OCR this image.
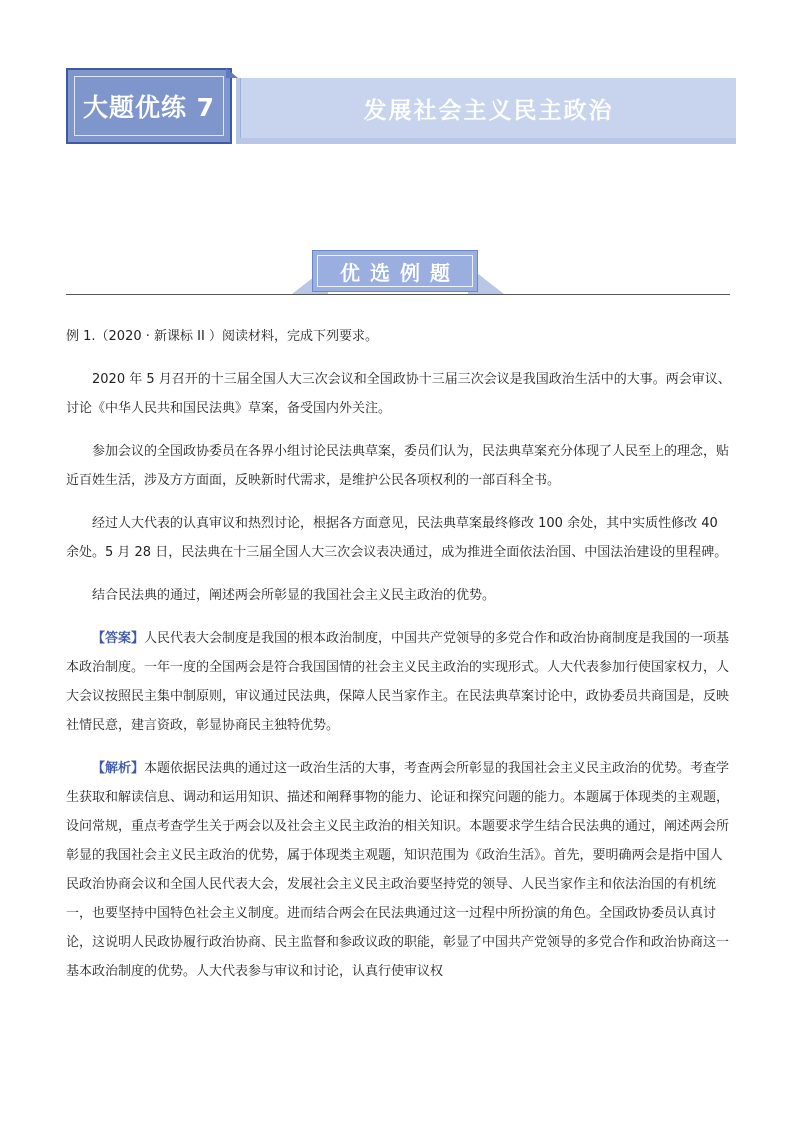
大题优练 7	发展社会主义民主政治
优选例题

例 1.（2020 · 新课标 II ）阅读材料，完成下列要求。

2020 年 5 月召开的十三届全国人大三次会议和全国政协十三届三次会议是我国政治生活中的大事。两会审议、讨论《中华人民共和国民法典》草案，备受国内外关注。

参加会议的全国政协委员在各界小组讨论民法典草案，委员们认为，民法典草案充分体现了人民至上的理念，贴近百姓生活，涉及方方面面，反映新时代需求，是维护公民各项权利的一部百科全书。

经过人大代表的认真审议和热烈讨论，根据各方面意见，民法典草案最终修改 100 余处，其中实质性修改 40 余处。5 月 28 日，民法典在十三届全国人大三次会议表决通过，成为推进全面依法治国、中国法治建设的里程碑。

结合民法典的通过，阐述两会所彰显的我国社会主义民主政治的优势。

【答案】人民代表大会制度是我国的根本政治制度，中国共产党领导的多党合作和政治协商制度是我国的一项基本政治制度。一年一度的全国两会是符合我国国情的社会主义民主政治的实现形式。人大代表参加行使国家权力，人大会议按照民主集中制原则，审议通过民法典，保障人民当家作主。在民法典草案讨论中，政协委员共商国是，反映社情民意，建言资政，彰显协商民主独特优势。

【解析】本题依据民法典的通过这一政治生活的大事，考查两会所彰显的我国社会主义民主政治的优势。考查学生获取和解读信息、调动和运用知识、描述和阐释事物的能力、论证和探究问题的能力。本题属于体现类的主观题，设问常规，重点考查学生关于两会以及社会主义民主政治的相关知识。本题要求学生结合民法典的通过，阐述两会所彰显的我国社会主义民主政治的优势，属于体现类主观题，知识范围为《政治生活》。首先，要明确两会是指中国人民政治协商会议和全国人民代表大会，发展社会主义民主政治要坚持党的领导、人民当家作主和依法治国的有机统一，也要坚持中国特色社会主义制度。进而结合两会在民法典通过这一过程中所扮演的角色。全国政协委员认真讨论，这说明人民政协履行政治协商、民主监督和参政议政的职能，彰显了中国共产党领导的多党合作和政治协商这一基本政治制度的优势。人大代表参与审议和讨论，认真行使审议权
